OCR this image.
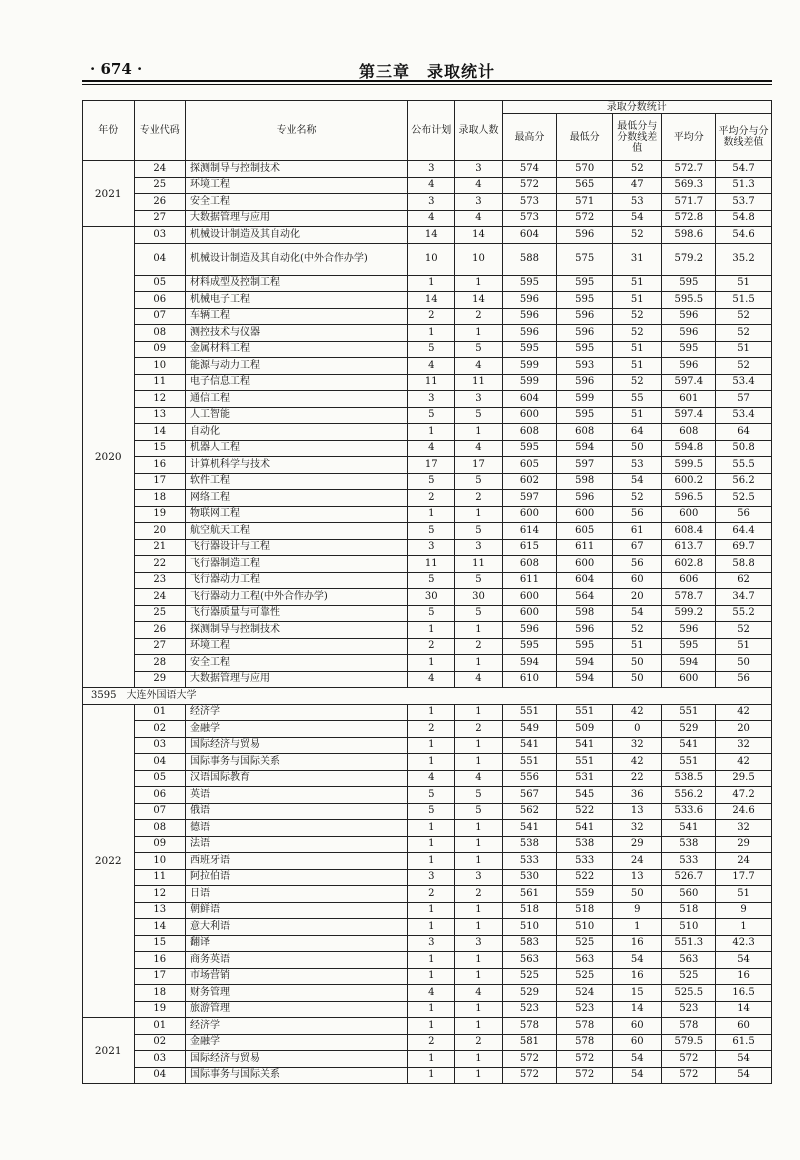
· 674 ·	第三章　录取统计
年份	专业代码	专业名称	公布计划	录取人数	录取分数统计				
					最高分	最低分	最低分与分数线差值	平均分	平均分与分数线差值
2021	24	探测制导与控制技术	3	3	574	570	52	572.7	54.7
	25	环境工程	4	4	572	565	47	569.3	51.3
	26	安全工程	3	3	573	571	53	571.7	53.7
	27	大数据管理与应用	4	4	573	572	54	572.8	54.8
2020	03	机械设计制造及其自动化	14	14	604	596	52	598.6	54.6
	04	机械设计制造及其自动化(中外合作办学)	10	10	588	575	31	579.2	35.2
	05	材料成型及控制工程	1	1	595	595	51	595	51
	06	机械电子工程	14	14	596	595	51	595.5	51.5
	07	车辆工程	2	2	596	596	52	596	52
	08	测控技术与仪器	1	1	596	596	52	596	52
	09	金属材料工程	5	5	595	595	51	595	51
	10	能源与动力工程	4	4	599	593	51	596	52
	11	电子信息工程	11	11	599	596	52	597.4	53.4
	12	通信工程	3	3	604	599	55	601	57
	13	人工智能	5	5	600	595	51	597.4	53.4
	14	自动化	1	1	608	608	64	608	64
	15	机器人工程	4	4	595	594	50	594.8	50.8
	16	计算机科学与技术	17	17	605	597	53	599.5	55.5
	17	软件工程	5	5	602	598	54	600.2	56.2
	18	网络工程	2	2	597	596	52	596.5	52.5
	19	物联网工程	1	1	600	600	56	600	56
	20	航空航天工程	5	5	614	605	61	608.4	64.4
	21	飞行器设计与工程	3	3	615	611	67	613.7	69.7
	22	飞行器制造工程	11	11	608	600	56	602.8	58.8
	23	飞行器动力工程	5	5	611	604	60	606	62
	24	飞行器动力工程(中外合作办学)	30	30	600	564	20	578.7	34.7
	25	飞行器质量与可靠性	5	5	600	598	54	599.2	55.2
	26	探测制导与控制技术	1	1	596	596	52	596	52
	27	环境工程	2	2	595	595	51	595	51
	28	安全工程	1	1	594	594	50	594	50
	29	大数据管理与应用	4	4	610	594	50	600	56
3595　大连外国语大学									
2022	01	经济学	1	1	551	551	42	551	42
	02	金融学	2	2	549	509	0	529	20
	03	国际经济与贸易	1	1	541	541	32	541	32
	04	国际事务与国际关系	1	1	551	551	42	551	42
	05	汉语国际教育	4	4	556	531	22	538.5	29.5
	06	英语	5	5	567	545	36	556.2	47.2
	07	俄语	5	5	562	522	13	533.6	24.6
	08	德语	1	1	541	541	32	541	32
	09	法语	1	1	538	538	29	538	29
	10	西班牙语	1	1	533	533	24	533	24
	11	阿拉伯语	3	3	530	522	13	526.7	17.7
	12	日语	2	2	561	559	50	560	51
	13	朝鲜语	1	1	518	518	9	518	9
	14	意大利语	1	1	510	510	1	510	1
	15	翻译	3	3	583	525	16	551.3	42.3
	16	商务英语	1	1	563	563	54	563	54
	17	市场营销	1	1	525	525	16	525	16
	18	财务管理	4	4	529	524	15	525.5	16.5
	19	旅游管理	1	1	523	523	14	523	14
2021	01	经济学	1	1	578	578	60	578	60
	02	金融学	2	2	581	578	60	579.5	61.5
	03	国际经济与贸易	1	1	572	572	54	572	54
	04	国际事务与国际关系	1	1	572	572	54	572	54
